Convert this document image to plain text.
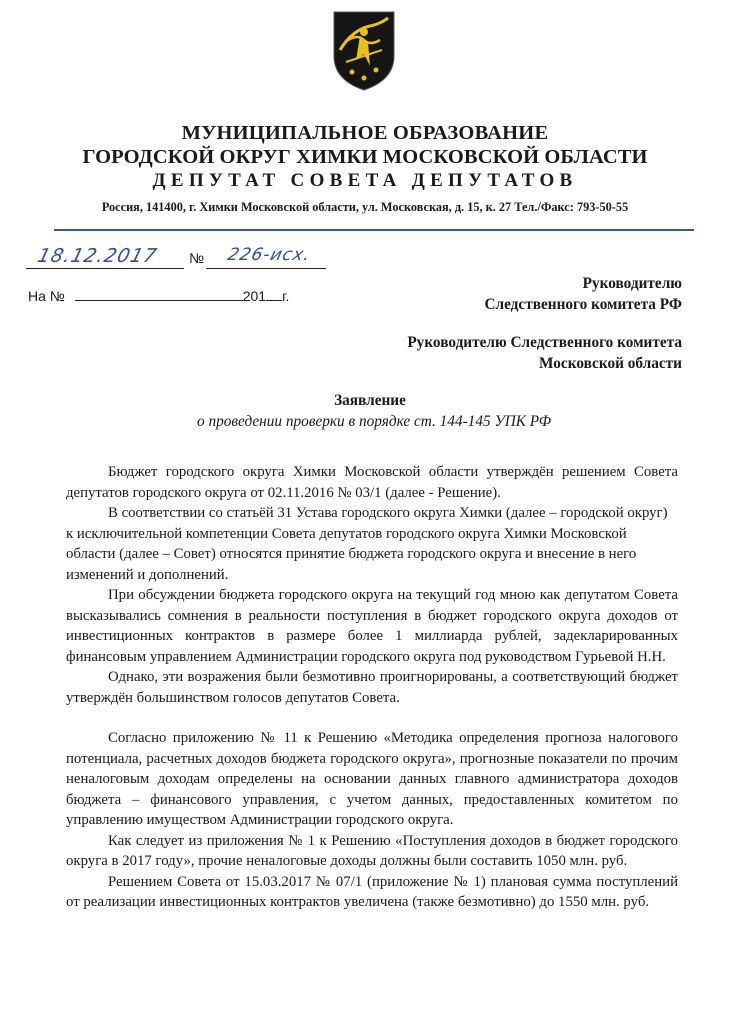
МУНИЦИПАЛЬНОЕ ОБРАЗОВАНИЕ
ГОРОДСКОЙ ОКРУГ ХИМКИ МОСКОВСКОЙ ОБЛАСТИ
ДЕПУТАТ СОВЕТА ДЕПУТАТОВ
Россия, 141400, г. Химки Московской области, ул. Московская, д. 15, к. 27 Тел./Факс: 793-50-55
18.12.2017 № 226-исх.
На №	201г.
Руководителю
Следственного комитета РФ
Руководителю Следственного комитета
Московской области
Заявление
о проведении проверки в порядке ст. 144-145 УПК РФ

Бюджет городского округа Химки Московской области утверждён решением Совета депутатов городского округа от 02.11.2016 № 03/1 (далее - Решение).

В соответствии со статьёй 31 Устава городского округа Химки (далее – городской округ) к исключительной компетенции Совета депутатов городского округа Химки Московской области (далее – Совет) относятся принятие бюджета городского округа и внесение в него изменений и дополнений.

При обсуждении бюджета городского округа на текущий год мною как депутатом Совета высказывались сомнения в реальности поступления в бюджет городского округа доходов от инвестиционных контрактов в размере более 1 миллиарда рублей, задекларированных финансовым управлением Администрации городского округа под руководством Гурьевой Н.Н.

Однако, эти возражения были безмотивно проигнорированы, а соответствующий бюджет утверждён большинством голосов депутатов Совета.

Согласно приложению № 11 к Решению «Методика определения прогноза налогового потенциала, расчетных доходов бюджета городского округа», прогнозные показатели по прочим неналоговым доходам определены на основании данных главного администратора доходов бюджета – финансового управления, с учетом данных, предоставленных комитетом по управлению имуществом Администрации городского округа.

Как следует из приложения № 1 к Решению «Поступления доходов в бюджет городского округа в 2017 году», прочие неналоговые доходы должны были составить 1050 млн. руб.

Решением Совета от 15.03.2017 № 07/1 (приложение № 1) плановая сумма поступлений от реализации инвестиционных контрактов увеличена (также безмотивно) до 1550 млн. руб.
